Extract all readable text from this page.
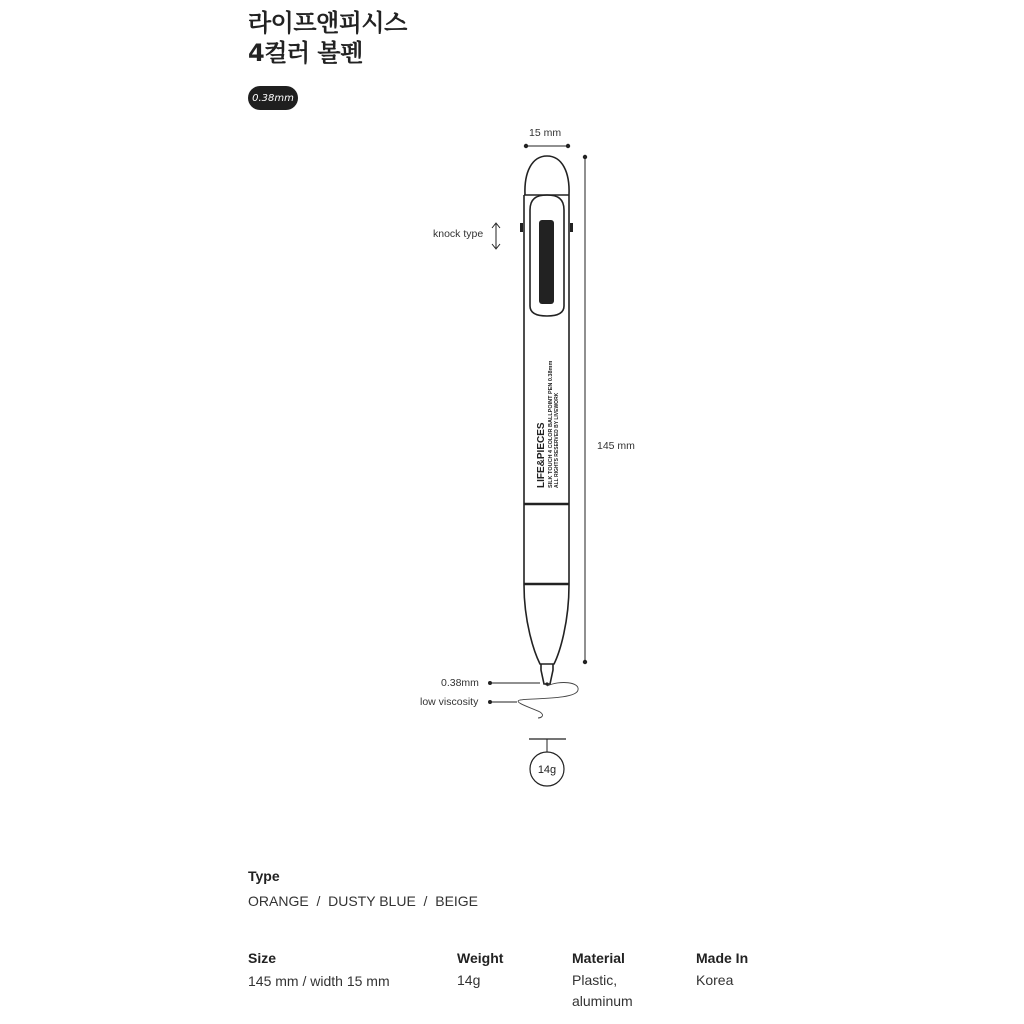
라이프앤피시스
4컬러 볼펜
0.38mm
LIFE&PIECES SILK TOUCH 4 COLOR BALLPOINT PEN 0.38mm ALL RIGHTS RESERVED BY LIVEWORK
14g
15 mm
145 mm
knock type
0.38mm
low viscosity
Type
ORANGE  /  DUSTY BLUE  /  BEIGE
Size
145 mm / width 15 mm
Weight
14g
Material
Plastic,
aluminum
Made In
Korea
